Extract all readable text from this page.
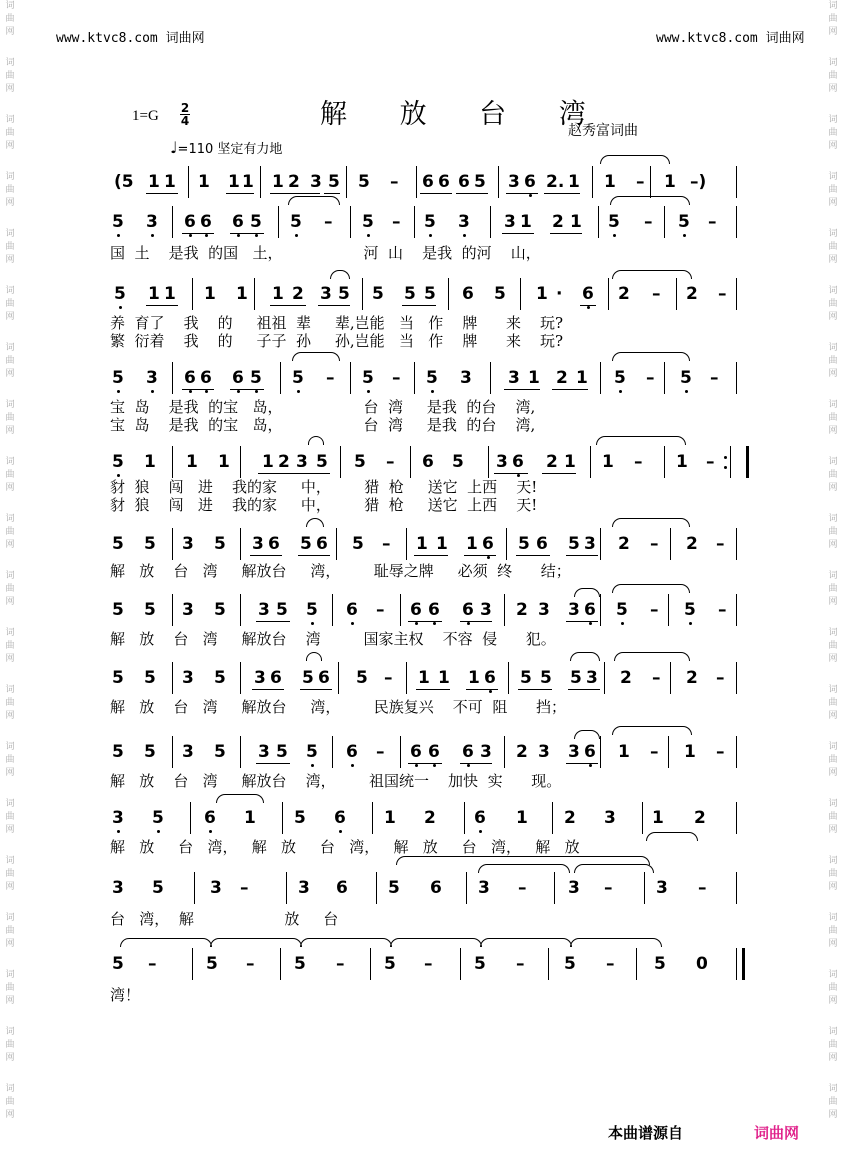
词曲网
词曲网
词曲网
词曲网
词曲网
词曲网
词曲网
词曲网
词曲网
词曲网
词曲网
词曲网
词曲网
词曲网
词曲网
词曲网
词曲网
词曲网
词曲网
词曲网
词曲网
词曲网
词曲网
词曲网
词曲网
词曲网
词曲网
词曲网
词曲网
词曲网
词曲网
词曲网
词曲网
词曲网
词曲网
词曲网
词曲网
词曲网
词曲网
词曲网
www.ktvc8.com 词曲网	www.ktvc8.com 词曲网
解 放 台 湾
$1=G \frac{2}{4}$
赵秀富词曲
♩=110 坚定有力地
(5 1 1 1 1 1 1 2 3 5 5 – 6 6 6 5 3 6 2. 1 1 – 1 –)
5 3 6 6 6 5 5 – 5 – 5 3 3 1 2 1 5 – 5 –
5 1 1 1 1 1 2 3 5 5 5 5 6 5 1 · 6 2 – 2 –
5 3 6 6 6 5 5 – 5 – 5 3 3 1 2 1 5 – 5 –
5 1 1 1 1 2 3 5 5 – 6 5 3 6 2 1 1 – 1 –
5 5 3 5 3 6 5 6 5 – 1 1 1 6 5 6 5 3 2 – 2 –
5 5 3 5 3 5 5 6 – 6 6 6 3 2 3 3 6 5 – 5 –
5 5 3 5 3 6 5 6 5 – 1 1 1 6 5 5 5 3 2 – 2 –
5 5 3 5 3 5 5 6 – 6 6 6 3 2 3 3 6 1 – 1 –
3 5 6 1 5 6 1 2 6 1 2 3 1 2
3 5	3 –	3 6 5 6 3 – 3 –	3 –
5 –	5 – 5 – 5 – 5 – 5 – 5 0
国  土    是我  的国   土，                 河  山    是我  的河    山，
养  育了    我    的     祖祖  辈     辈,岂能   当   作    牌      来    玩?
繁  衍着    我    的     子子  孙     孙,岂能   当   作    牌      来    玩?
宝  岛    是我  的宝   岛，                 台  湾     是我  的台    湾,
宝  岛    是我  的宝   岛，                 台  湾     是我  的台    湾,
豺  狼    闯   进    我的家     中，       猎  枪     送它  上西    天!
豺  狼    闯   进    我的家     中，       猎  枪     送它  上西    天!
解   放    台   湾     解放台     湾，       耻辱之牌     必须  终      结；
解   放    台   湾     解放台    湾         国家主权    不容  侵      犯。
解   放    台   湾     解放台     湾，       民族复兴    不可  阻      挡；
解   放    台   湾     解放台    湾，       祖国统一    加快  实      现。
解   放     台   湾，   解   放     台   湾，   解   放     台   湾，   解   放
台   湾，  解                   放     台
湾！
本曲谱源自	词曲网
